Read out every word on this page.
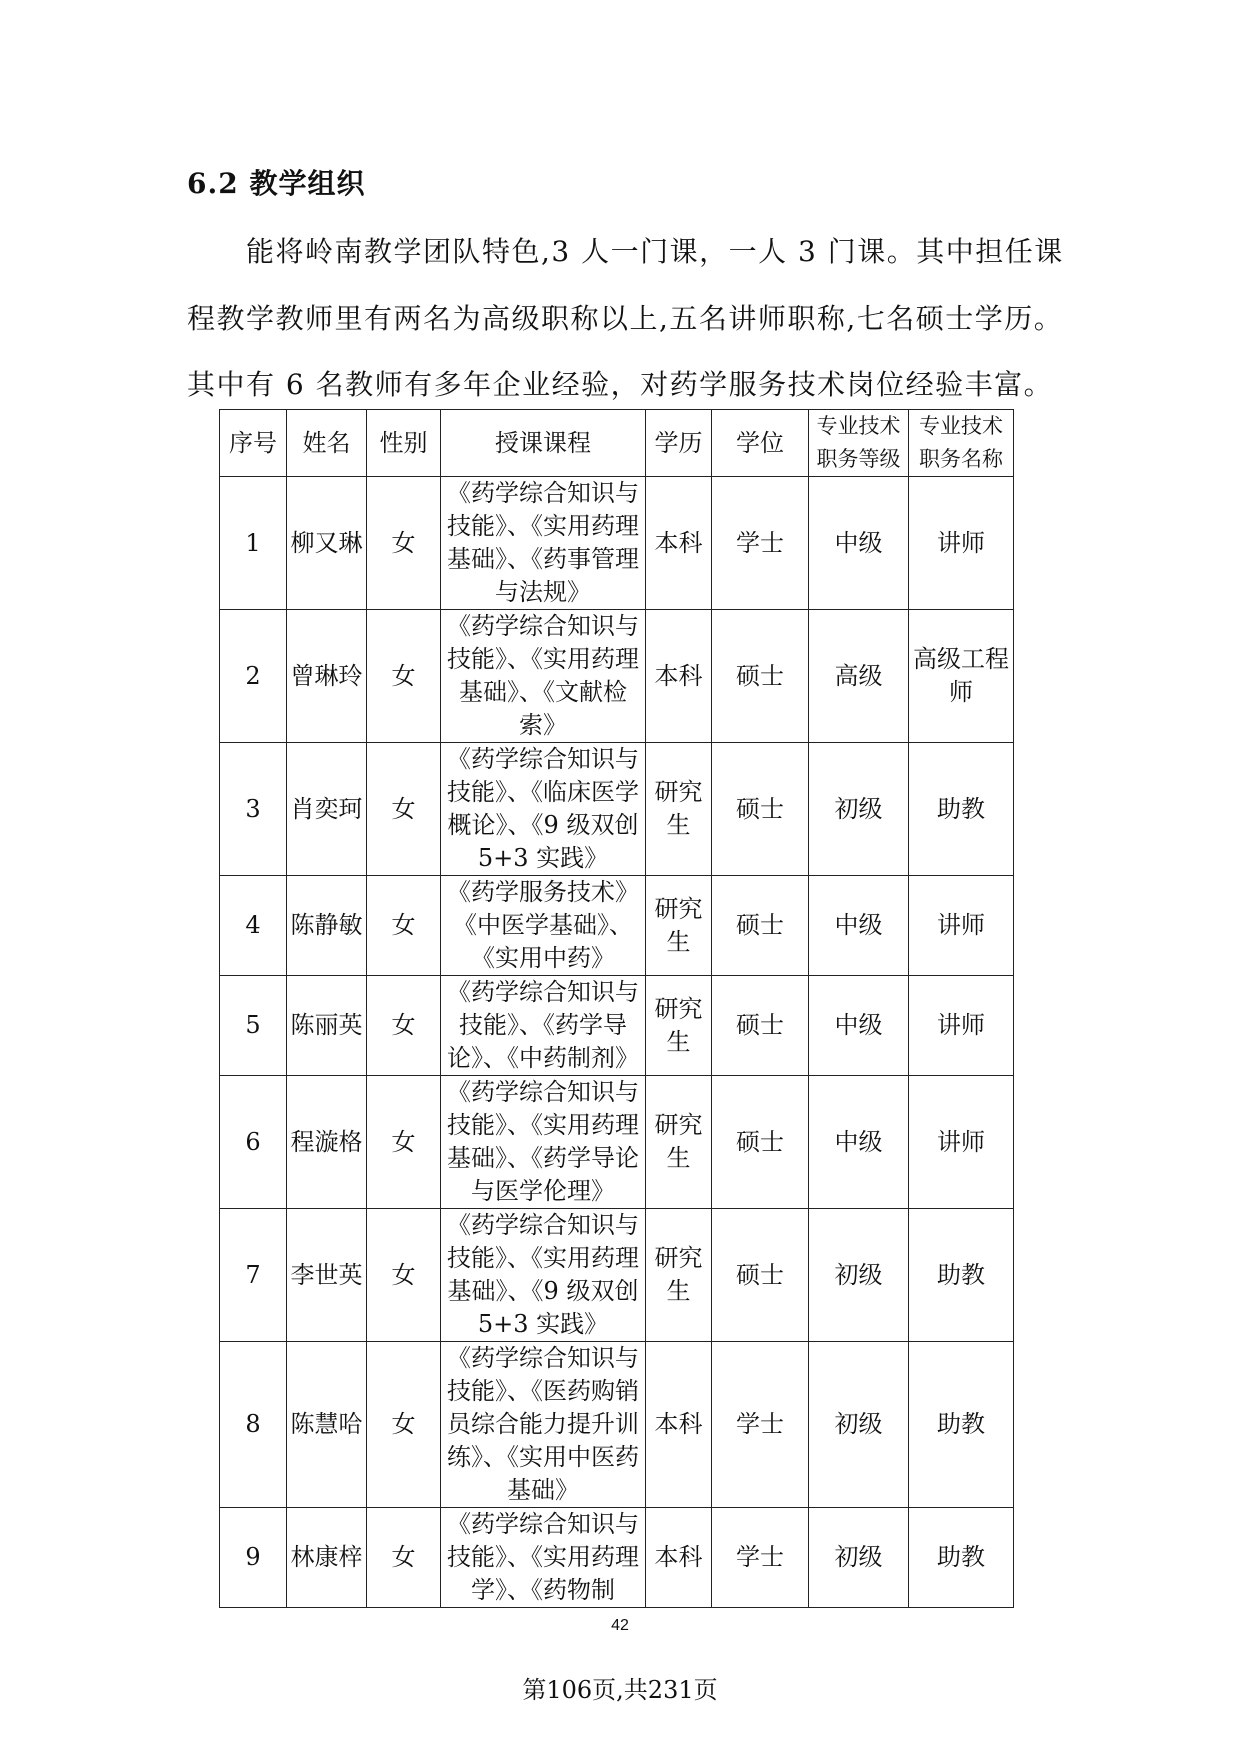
6.2 教学组织
能将岭南教学团队特色,3 人一门课，一人 3 门课。其中担任课
程教学教师里有两名为高级职称以上,五名讲师职称,七名硕士学历。
其中有 6 名教师有多年企业经验，对药学服务技术岗位经验丰富。
序号	姓名	性别	授课课程	学历	学位	专业技术职务等级	专业技术职务名称
1	柳又琳	女	《药学综合知识与技能》、《实用药理基础》、《药事管理与法规》	本科	学士	中级	讲师
2	曾琳玲	女	《药学综合知识与技能》、《实用药理基础》、《文献检索》	本科	硕士	高级	高级工程师
3	肖奕珂	女	《药学综合知识与技能》、《临床医学概论》、《9 级双创 5+3 实践》	研究生	硕士	初级	助教
4	陈静敏	女	《药学服务技术》《中医学基础》、《实用中药》	研究生	硕士	中级	讲师
5	陈丽英	女	《药学综合知识与技能》、《药学导论》、《中药制剂》	研究生	硕士	中级	讲师
6	程漩格	女	《药学综合知识与技能》、《实用药理基础》、《药学导论与医学伦理》	研究生	硕士	中级	讲师
7	李世英	女	《药学综合知识与技能》、《实用药理基础》、《9 级双创 5+3 实践》	研究生	硕士	初级	助教
8	陈慧哈	女	《药学综合知识与技能》、《医药购销员综合能力提升训练》、《实用中医药基础》	本科	学士	初级	助教
9	林康梓	女	《药学综合知识与技能》、《实用药理学》、《药物制	本科	学士	初级	助教
42
第106页,共231页
